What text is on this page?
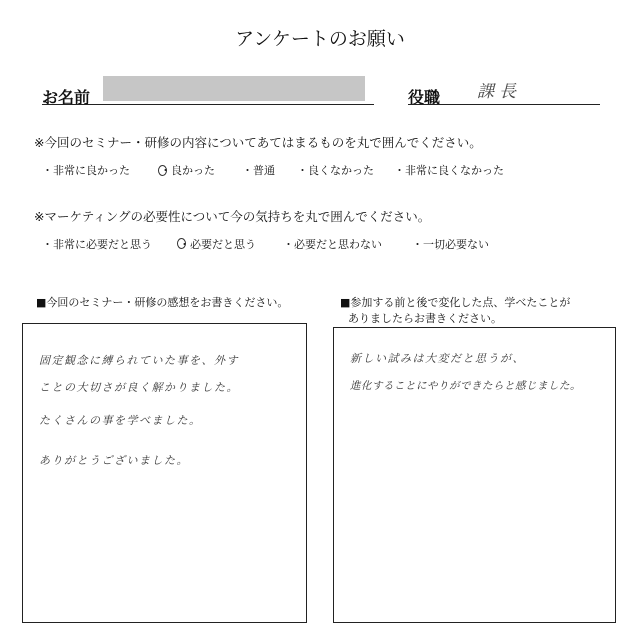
アンケートのお願い
お名前	役職 課長
※今回のセミナー・研修の内容についてあてはまるものを丸で囲んでください。
・非常に良かった	・良かった ・普通 ・良くなかった ・非常に良くなかった
※マーケティングの必要性について今の気持ちを丸で囲んでください。
・非常に必要だと思う ・必要だと思う ・必要だと思わない	・一切必要ない
■今回のセミナー・研修の感想をお書きください。
固定観念に縛られていた事を、外す
ことの大切さが良く解かりました。
たくさんの事を学べました。
ありがとうございました。
■参加する前と後で変化した点、学べたことが
ありましたらお書きください。
新しい試みは大変だと思うが、
進化することにやりができたらと感じました。
